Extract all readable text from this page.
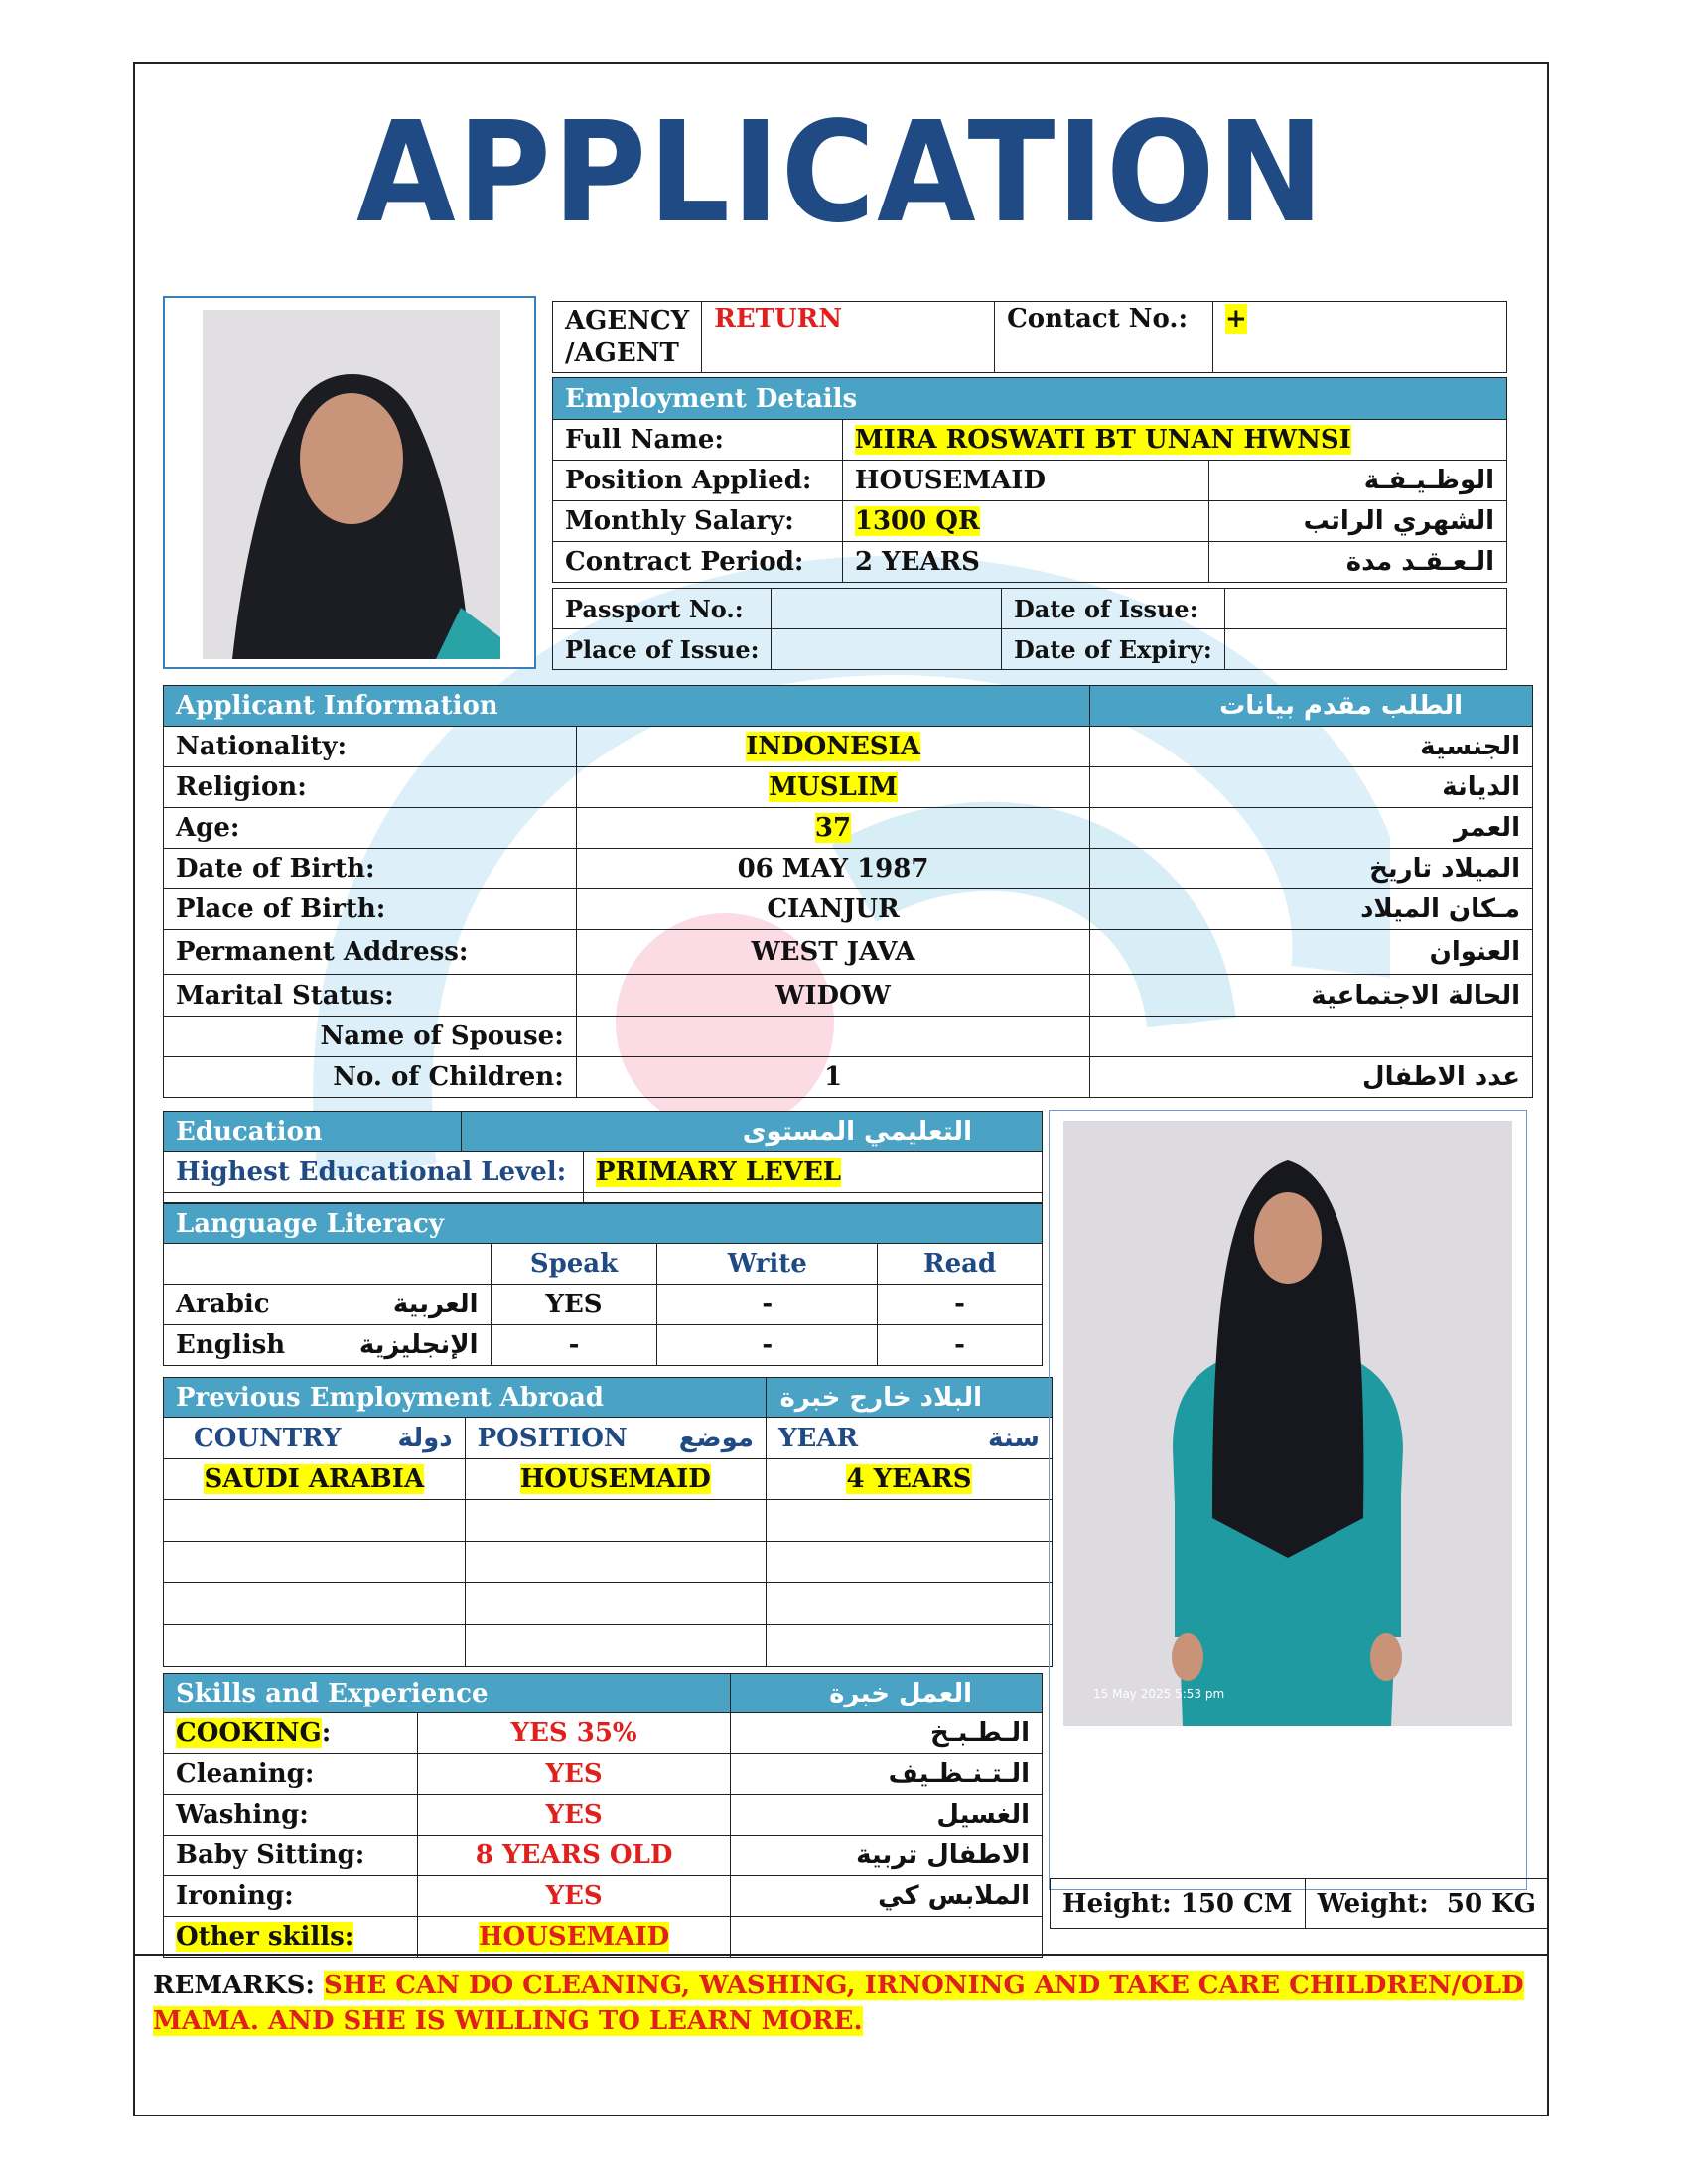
APPLICATION
AGENCY /AGENT	RETURN	Contact No.:	+
Employment Details		
Full Name:	MIRA ROSWATI BT UNAN HWNSI	
Position Applied:	HOUSEMAID	الوظـيـفـة
Monthly Salary:	1300 QR	الشهري الراتب
Contract Period:	2 YEARS	الـعـقـد مدة
Passport No.:		Date of Issue:	
Place of Issue:		Date of Expiry:	
Applicant Information		الطلب مقدم بيانات
Nationality:	INDONESIA	الجنسية
Religion:	MUSLIM	الديانة
Age:	37	العمر
Date of Birth:	06 MAY 1987	الميلاد تاريخ
Place of Birth:	CIANJUR	مـكان الميلاد
Permanent Address:	WEST JAVA	العنوان
Marital Status:	WIDOW	الحالة الاجتماعية
Name of Spouse:		
No. of Children:	1	عدد الاطفال
Education	التعليمي المستوى	
Highest Educational Level:		PRIMARY LEVEL

Language Literacy			
	Speak	Write	Read
Arabic العربية	YES	-	-
English الإنجليزية	-	-	-
Previous Employment Abroad		البلاد خارج خبرة
COUNTRY دولة	POSITION موضع	YEAR سنة

SAUDI ARABIA	HOUSEMAID	4 YEARS

Skills and Experience		العمل خبرة
COOKING:	YES 35%	الـطـبـخ
Cleaning:	YES	الـتـنـظـيف
Washing:	YES	الغسيل
Baby Sitting:	8 YEARS OLD	الاطفال تربية
Ironing:	YES	الملابس كي
Other skills:	HOUSEMAID	
15 May 2025 5:53 pm
Height: 150 CM	Weight: 50 KG
REMARKS: SHE CAN DO CLEANING, WASHING, IRNONING AND TAKE CARE CHILDREN/OLD MAMA. AND SHE IS WILLING TO LEARN MORE.
